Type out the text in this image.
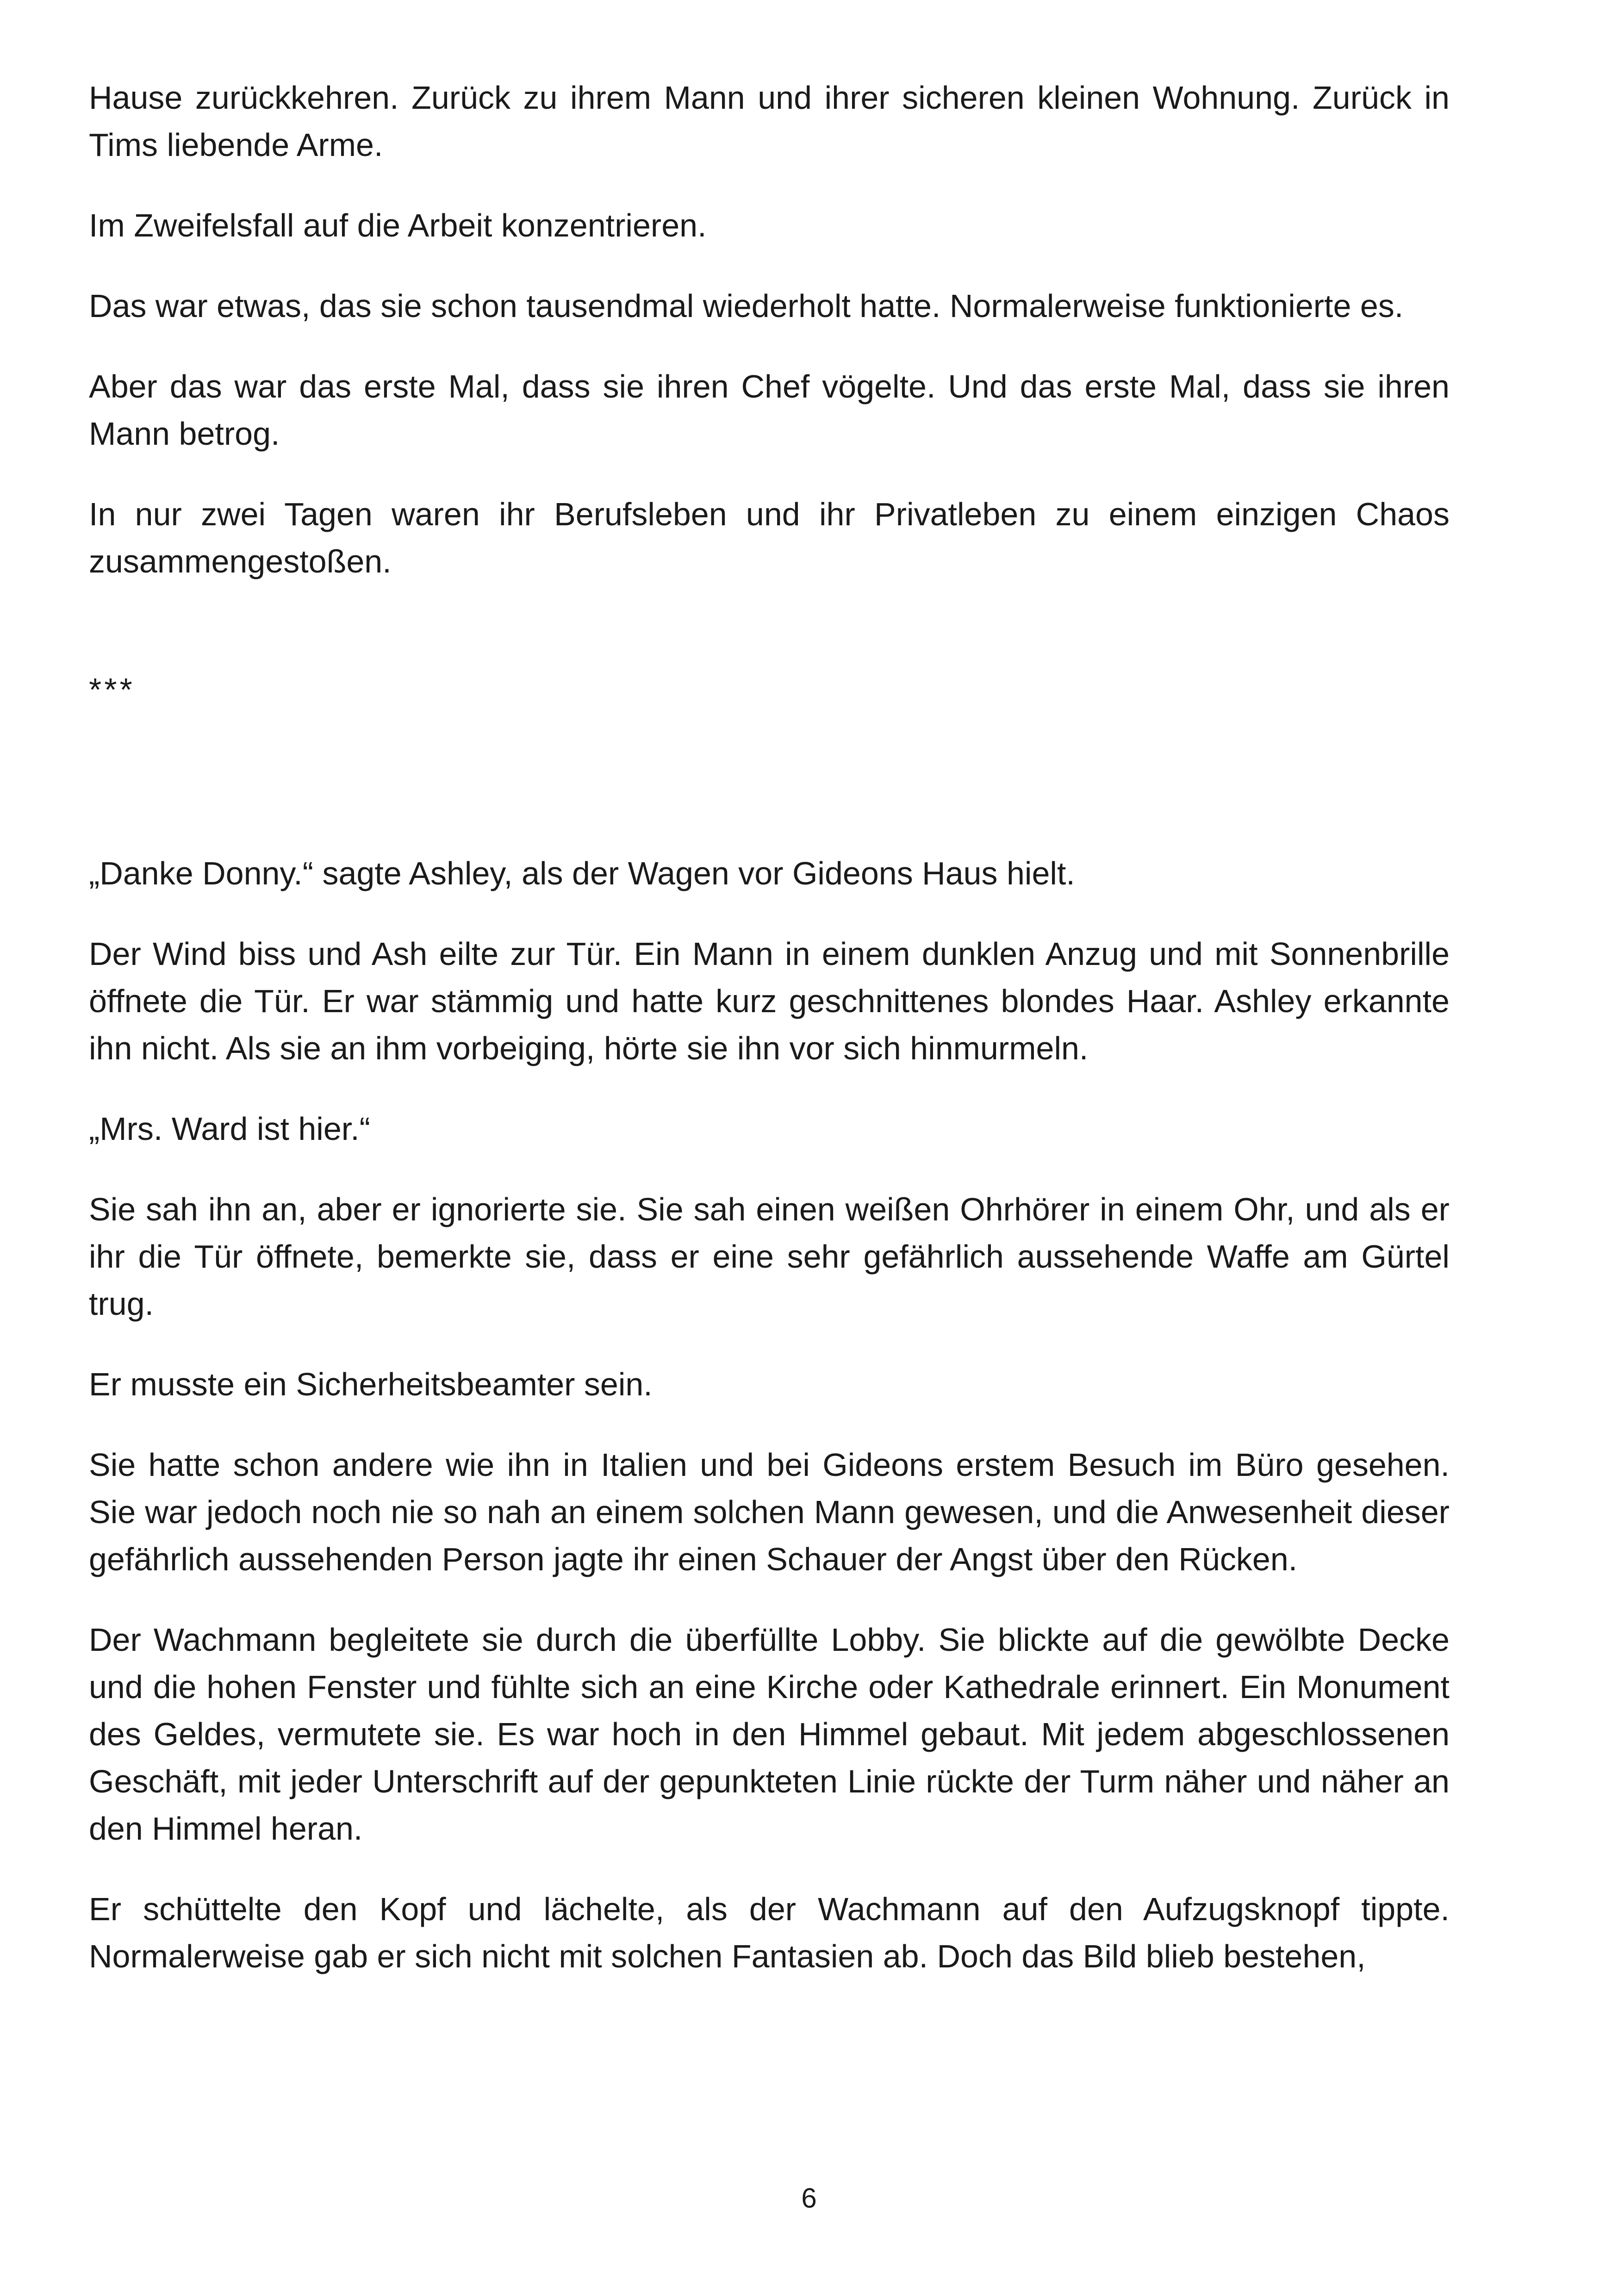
Hause zurückkehren. Zurück zu ihrem Mann und ihrer sicheren kleinen Wohnung. Zurück in Tims liebende Arme.

Im Zweifelsfall auf die Arbeit konzentrieren.

Das war etwas, das sie schon tausendmal wiederholt hatte. Normalerweise funktionierte es.

Aber das war das erste Mal, dass sie ihren Chef vögelte. Und das erste Mal, dass sie ihren Mann betrog.

In nur zwei Tagen waren ihr Berufsleben und ihr Privatleben zu einem einzigen Chaos zusammengestoßen.

***

„Danke Donny.“ sagte Ashley, als der Wagen vor Gideons Haus hielt.

Der Wind biss und Ash eilte zur Tür. Ein Mann in einem dunklen Anzug und mit Sonnenbrille öffnete die Tür. Er war stämmig und hatte kurz geschnittenes blondes Haar. Ashley erkannte ihn nicht. Als sie an ihm vorbeiging, hörte sie ihn vor sich hinmurmeln.

„Mrs. Ward ist hier.“

Sie sah ihn an, aber er ignorierte sie. Sie sah einen weißen Ohrhörer in einem Ohr, und als er ihr die Tür öffnete, bemerkte sie, dass er eine sehr gefährlich aussehende Waffe am Gürtel trug.

Er musste ein Sicherheitsbeamter sein.

Sie hatte schon andere wie ihn in Italien und bei Gideons erstem Besuch im Büro gesehen. Sie war jedoch noch nie so nah an einem solchen Mann gewesen, und die Anwesenheit dieser gefährlich aussehenden Person jagte ihr einen Schauer der Angst über den Rücken.

Der Wachmann begleitete sie durch die überfüllte Lobby. Sie blickte auf die gewölbte Decke und die hohen Fenster und fühlte sich an eine Kirche oder Kathedrale erinnert. Ein Monument des Geldes, vermutete sie. Es war hoch in den Himmel gebaut. Mit jedem abgeschlossenen Geschäft, mit jeder Unterschrift auf der gepunkteten Linie rückte der Turm näher und näher an den Himmel heran.

Er schüttelte den Kopf und lächelte, als der Wachmann auf den Aufzugsknopf tippte. Normalerweise gab er sich nicht mit solchen Fantasien ab. Doch das Bild blieb bestehen,

6
